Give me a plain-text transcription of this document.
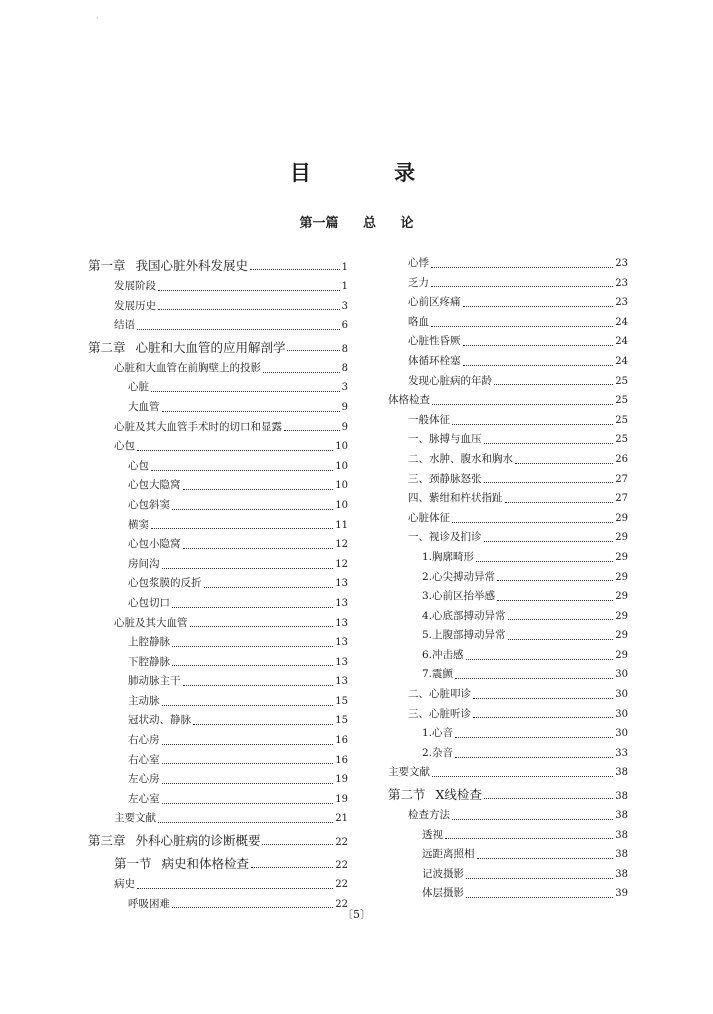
·
目 录
第一篇 总 论
第一章 我国心脏外科发展史	1
发展阶段	1
发展历史	3
结语	6
第二章 心脏和大血管的应用解剖学	8
心脏和大血管在前胸壁上的投影	8
心脏	3
大血管	9
心脏及其大血管手术时的切口和显露	9
心包	10
心包	10
心包大隐窝	10
心包斜窦	10
横窦	11
心包小隐窝	12
房间沟	12
心包浆膜的反折	13
心包切口	13
心脏及其大血管	13
上腔静脉	13
下腔静脉	13
肺动脉主干	13
主动脉	15
冠状动、静脉	15
右心房	16
右心室	16
左心房	19
左心室	19
主要文献	21
第三章 外科心脏病的诊断概要	22
第一节 病史和体格检查	22
病史	22
呼吸困难	22
心悸	23
乏力	23
心前区疼痛	23
咯血	24
心脏性昏厥	24
体循环栓塞	24
发现心脏病的年龄	25
体格检查	25
一般体征	25
一、脉搏与血压	25
二、水肿、腹水和胸水	26
三、颈静脉怒张	27
四、紫绀和杵状指趾	27
心脏体征	29
一、视诊及扪诊	29
1.胸廓畸形	29
2.心尖搏动异常	29
3.心前区抬举感	29
4.心底部搏动异常	29
5.上腹部搏动异常	29
6.冲击感	29
7.震颤	30
二、心脏叩诊	30
三、心脏听诊	30
1.心音	30
2.杂音	33
主要文献	38
第二节 X线检查	38
检查方法	38
透视	38
远距离照相	38
记波摄影	38
体层摄影	39
〔5〕
